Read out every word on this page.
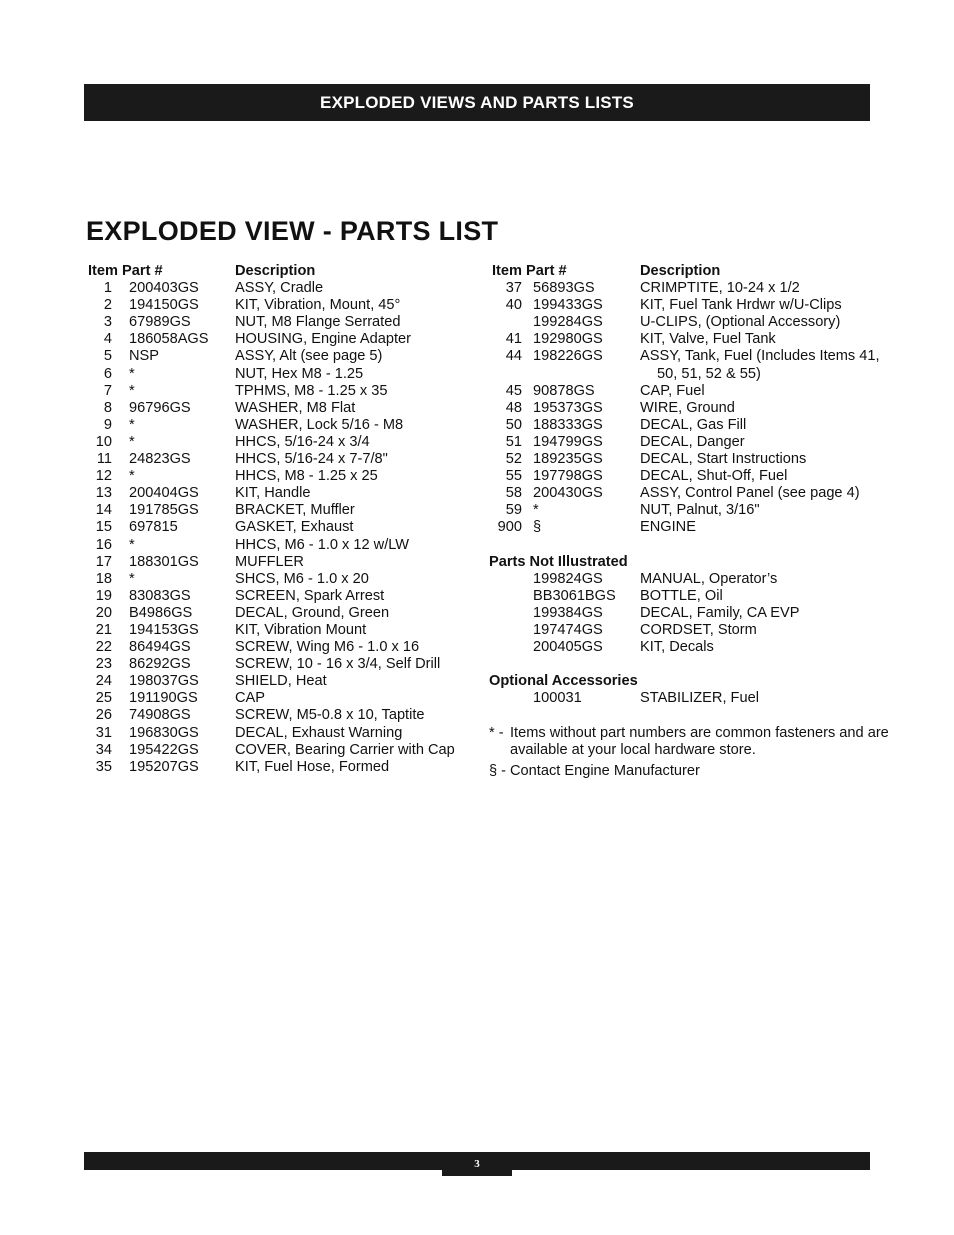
EXPLODED VIEWS AND PARTS LISTS
EXPLODED VIEW - PARTS LIST
Item Part #	Description
1 200403GS ASSY, Cradle
2 194150GS KIT, Vibration, Mount, 45°
3 67989GS	NUT, M8 Flange Serrated
4 186058AGS HOUSING, Engine Adapter
5 NSP	ASSY, Alt (see page 5)
6 *	NUT, Hex M8 - 1.25
7 *	TPHMS, M8 - 1.25 x 35
8 96796GS	WASHER, M8 Flat
9 *	WASHER, Lock 5/16 - M8
10 *	HHCS, 5/16-24 x 3/4
11 24823GS	HHCS, 5/16-24 x 7-7/8"
12 *	HHCS, M8 - 1.25 x 25
13 200404GS KIT, Handle
14 191785GS BRACKET, Muffler
15 697815	GASKET, Exhaust
16 *	HHCS, M6 - 1.0 x 12 w/LW
17 188301GS MUFFLER
18 *	SHCS, M6 - 1.0 x 20
19 83083GS	SCREEN, Spark Arrest
20 B4986GS	DECAL, Ground, Green
21 194153GS KIT, Vibration Mount
22 86494GS	SCREW, Wing M6 - 1.0 x 16
23 86292GS	SCREW, 10 - 16 x 3/4, Self Drill
24 198037GS SHIELD, Heat
25 191190GS	CAP
26 74908GS	SCREW, M5-0.8 x 10, Taptite
31 196830GS DECAL, Exhaust Warning
34 195422GS COVER, Bearing Carrier with Cap
35 195207GS KIT, Fuel Hose, Formed
Item Part #	Description
37 56893GS	CRIMPTITE, 10-24 x 1/2
40 199433GS	KIT, Fuel Tank Hrdwr w/U-Clips
199284GS	U-CLIPS, (Optional Accessory)
41 192980GS	KIT, Valve, Fuel Tank
44 198226GS	ASSY, Tank, Fuel (Includes Items 41,
50, 51, 52 & 55)
45 90878GS	CAP, Fuel
48 195373GS	WIRE, Ground
50 188333GS	DECAL, Gas Fill
51 194799GS	DECAL, Danger
52 189235GS	DECAL, Start Instructions
55 197798GS	DECAL, Shut-Off, Fuel
58 200430GS	ASSY, Control Panel (see page 4)
59 *	NUT, Palnut, 3/16"
900 §	ENGINE
Parts Not Illustrated
199824GS	MANUAL, Operator’s
BB3061BGS BOTTLE, Oil
199384GS	DECAL, Family, CA EVP
197474GS	CORDSET, Storm
200405GS	KIT, Decals
Optional Accessories
100031	STABILIZER, Fuel
* - Items without part numbers are common fasteners and are available at your local hardware store.
§ - Contact Engine Manufacturer
3
